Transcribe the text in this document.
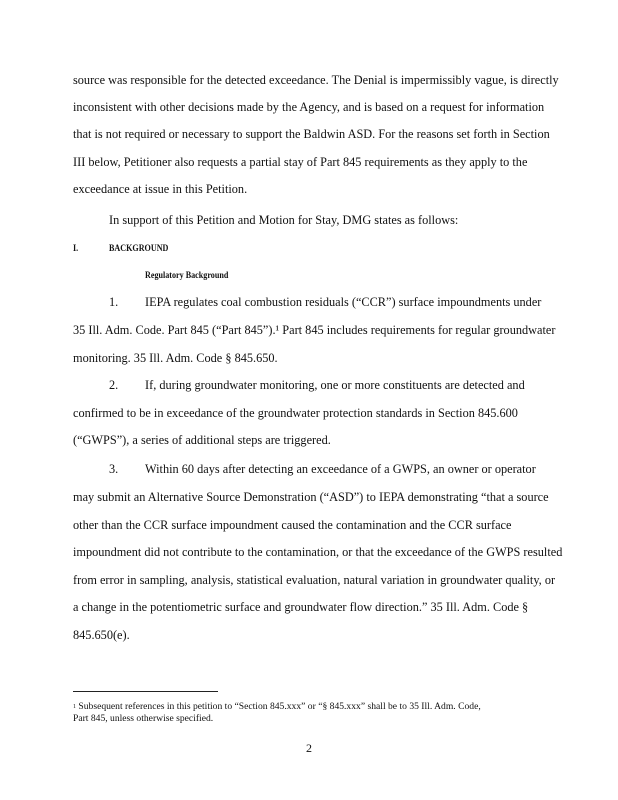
source was responsible for the detected exceedance. The Denial is impermissibly vague, is directly
inconsistent with other decisions made by the Agency, and is based on a request for information
that is not required or necessary to support the Baldwin ASD. For the reasons set forth in Section
III below, Petitioner also requests a partial stay of Part 845 requirements as they apply to the
exceedance at issue in this Petition.
In support of this Petition and Motion for Stay, DMG states as follows:
I.	BACKGROUND
Regulatory Background
1. IEPA regulates coal combustion residuals (“CCR”) surface impoundments under
35 Ill. Adm. Code. Part 845 (“Part 845”).¹ Part 845 includes requirements for regular groundwater
monitoring. 35 Ill. Adm. Code § 845.650.
2. If, during groundwater monitoring, one or more constituents are detected and
confirmed to be in exceedance of the groundwater protection standards in Section 845.600
(“GWPS”), a series of additional steps are triggered.
3. Within 60 days after detecting an exceedance of a GWPS, an owner or operator
may submit an Alternative Source Demonstration (“ASD”) to IEPA demonstrating “that a source
other than the CCR surface impoundment caused the contamination and the CCR surface
impoundment did not contribute to the contamination, or that the exceedance of the GWPS resulted
from error in sampling, analysis, statistical evaluation, natural variation in groundwater quality, or
a change in the potentiometric surface and groundwater flow direction.” 35 Ill. Adm. Code §
845.650(e).
$^1$ Subsequent references in this petition to “Section 845.xxx” or “§ 845.xxx” shall be to 35 Ill. Adm. Code,
Part 845, unless otherwise specified.
2
